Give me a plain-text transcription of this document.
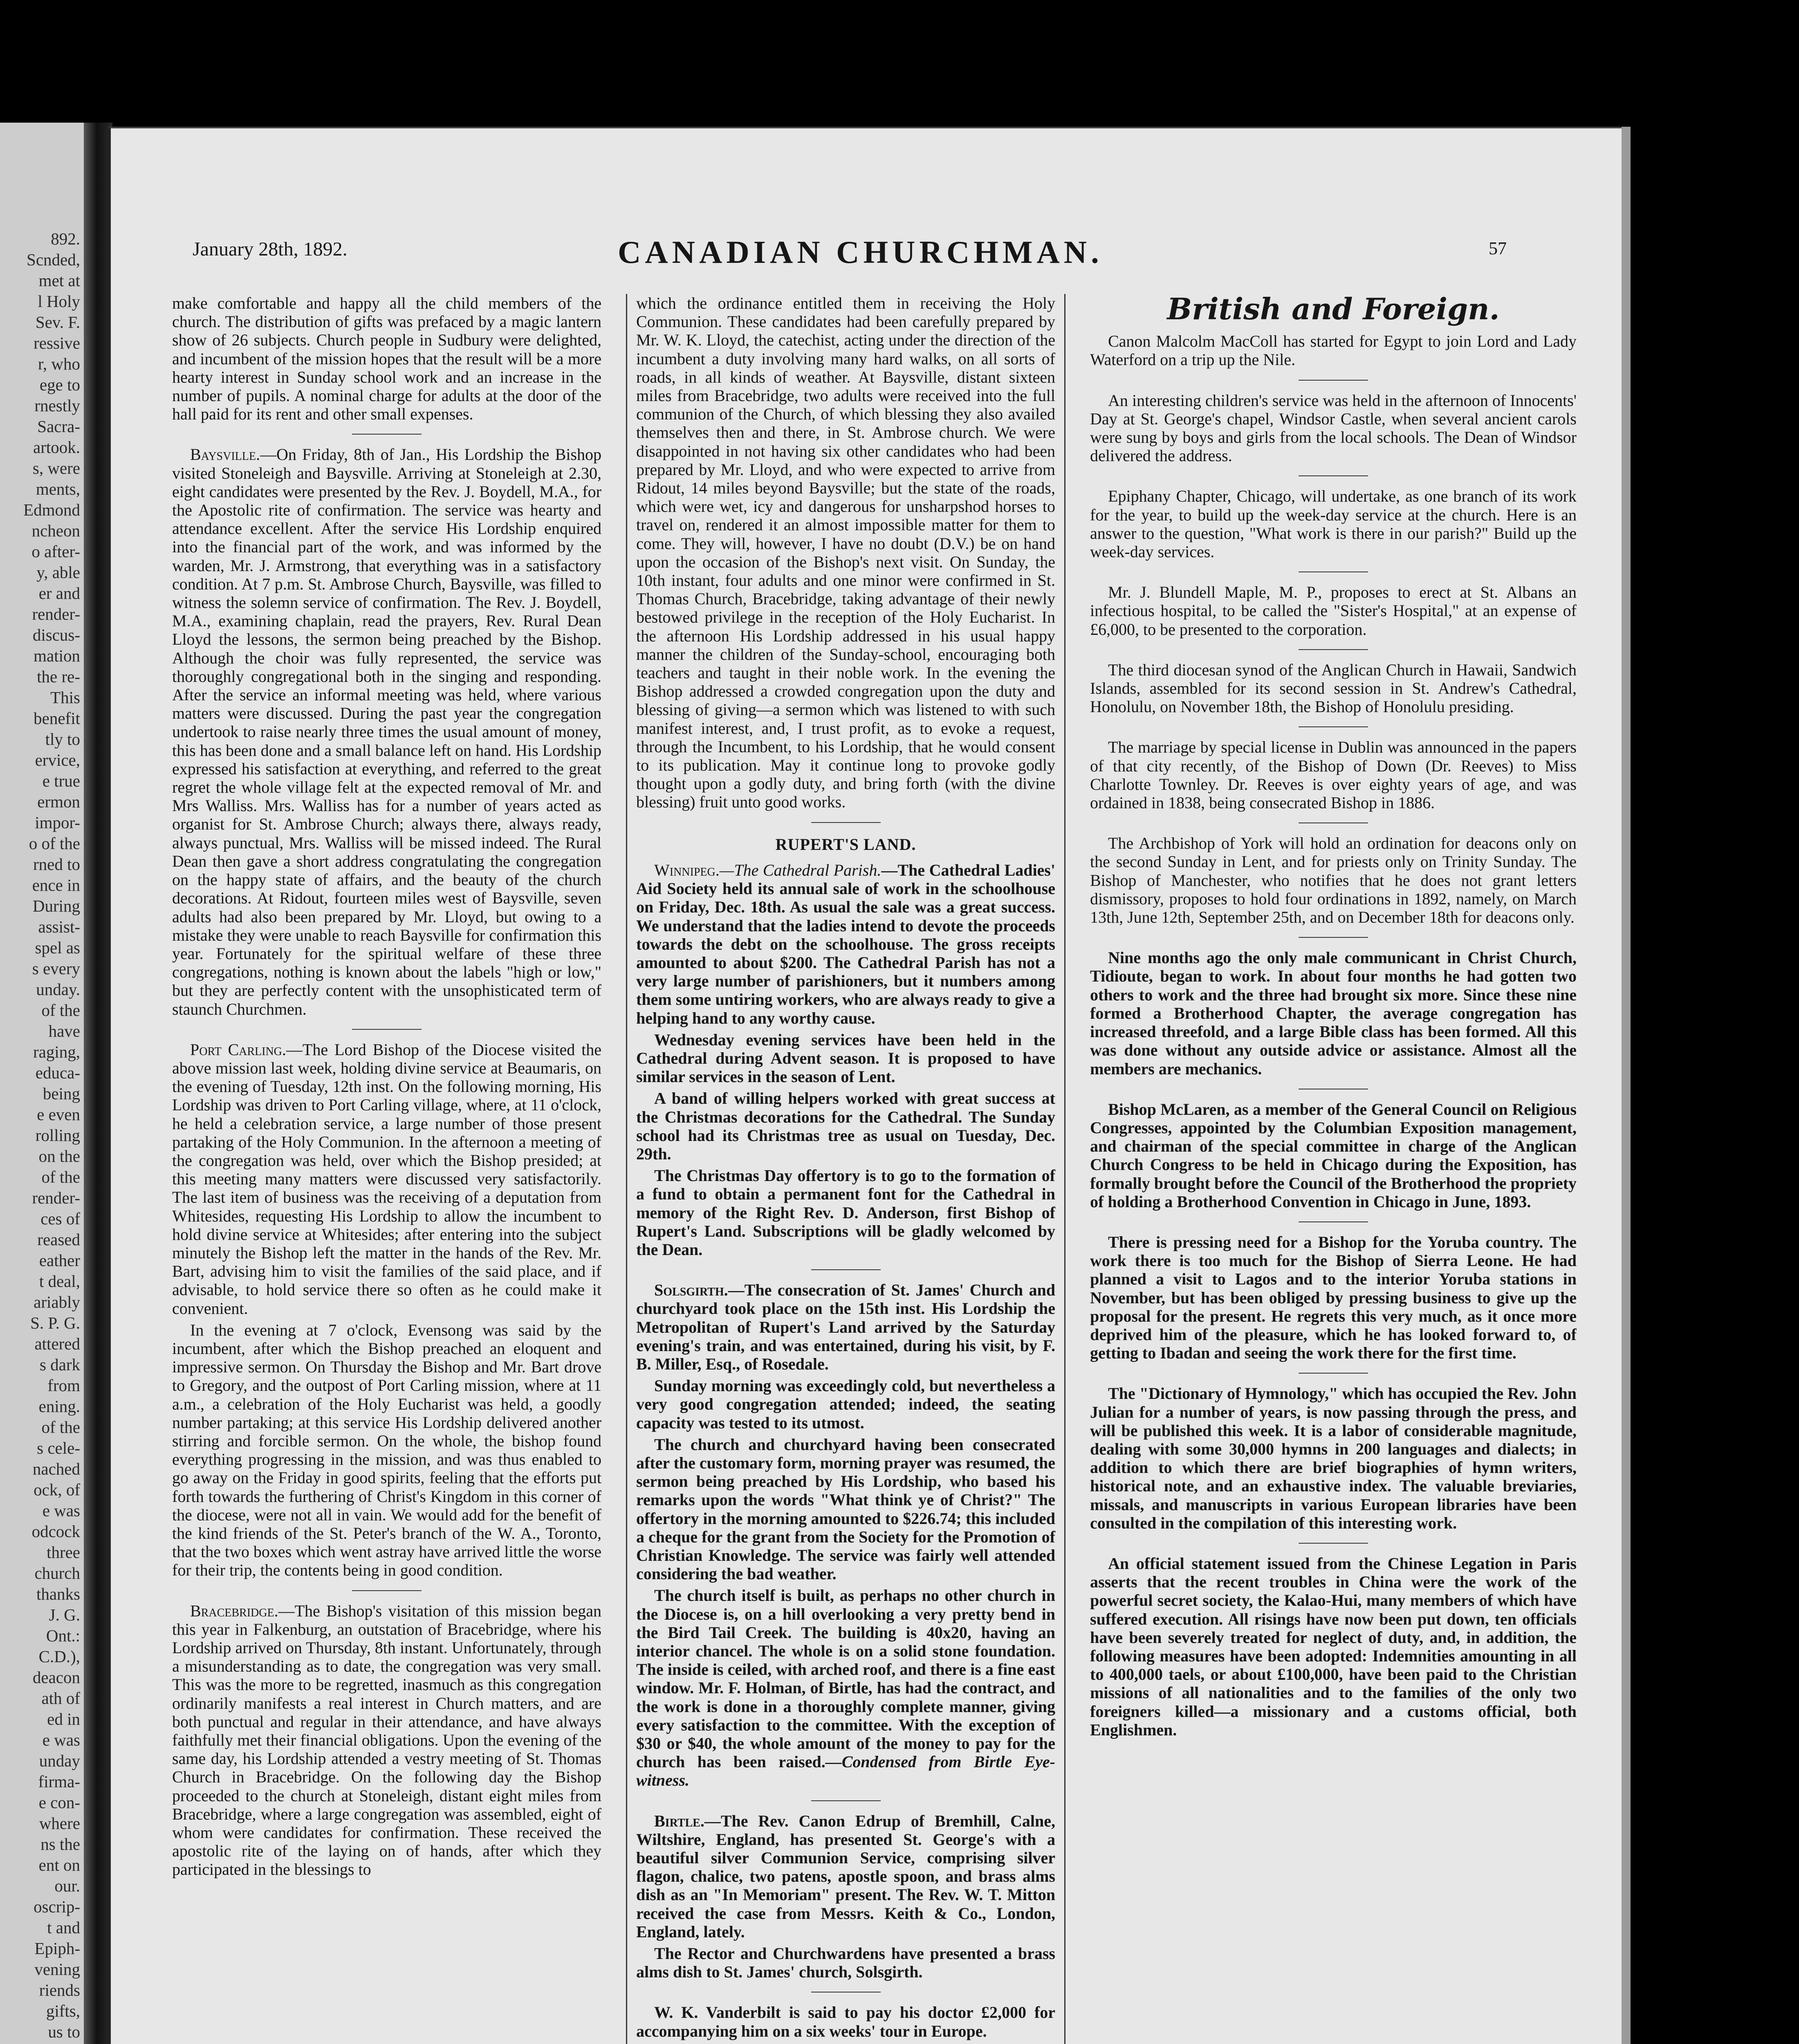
892.
Scnded,
met at
l Holy
Sev. F.
ressive
r, who
ege to
rnestly
Sacra-
artook.
s, were
ments,
Edmond
ncheon
o after-
y, able
er and
render-
discus-
mation
the re-
This
benefit
tly to
ervice,
e true
ermon
impor-
o of the
rned to
ence in
During
assist-
spel as
s every
unday.
of the
have
raging,
educa-
being
e even
rolling
on the
of the
render-
ces of
reased
eather
t deal,
ariably
S. P. G.
attered
s dark
from
ening.
of the
s cele-
nached
ock, of
e was
odcock
three
church
thanks
J. G.
Ont.:
C.D.),
deacon
ath of
ed in
e was
unday
firma-
e con-
where
ns the
ent on
our.
oscrip-
t and
Epiph-
vening
riends
gifts,
us to
January 28th, 1892.	CANADIAN CHURCHMAN.	57

make comfortable and happy all the child members of the church. The distribution of gifts was prefaced by a magic lantern show of 26 subjects. Church people in Sudbury were delighted, and incumbent of the mission hopes that the result will be a more hearty interest in Sunday school work and an increase in the number of pupils. A nominal charge for adults at the door of the hall paid for its rent and other small expenses.

Baysville.—On Friday, 8th of Jan., His Lordship the Bishop visited Stoneleigh and Baysville. Arriving at Stoneleigh at 2.30, eight candidates were presented by the Rev. J. Boydell, M.A., for the Apostolic rite of confirmation. The service was hearty and attendance excellent. After the service His Lordship enquired into the financial part of the work, and was informed by the warden, Mr. J. Armstrong, that everything was in a satisfactory condition. At 7 p.m. St. Ambrose Church, Baysville, was filled to witness the solemn service of confirmation. The Rev. J. Boydell, M.A., examining chaplain, read the prayers, Rev. Rural Dean Lloyd the lessons, the sermon being preached by the Bishop. Although the choir was fully represented, the service was thoroughly congregational both in the singing and responding. After the service an informal meeting was held, where various matters were discussed. During the past year the congregation undertook to raise nearly three times the usual amount of money, this has been done and a small balance left on hand. His Lordship expressed his satisfaction at everything, and referred to the great regret the whole village felt at the expected removal of Mr. and Mrs Walliss. Mrs. Walliss has for a number of years acted as organist for St. Ambrose Church; always there, always ready, always punctual, Mrs. Walliss will be missed indeed. The Rural Dean then gave a short address congratulating the congregation on the happy state of affairs, and the beauty of the church decorations. At Ridout, fourteen miles west of Baysville, seven adults had also been prepared by Mr. Lloyd, but owing to a mistake they were unable to reach Baysville for confirmation this year. Fortunately for the spiritual welfare of these three congregations, nothing is known about the labels "high or low," but they are perfectly content with the unsophisticated term of staunch Churchmen.

Port Carling.—The Lord Bishop of the Diocese visited the above mission last week, holding divine service at Beaumaris, on the evening of Tuesday, 12th inst. On the following morning, His Lordship was driven to Port Carling village, where, at 11 o'clock, he held a celebration service, a large number of those present partaking of the Holy Communion. In the afternoon a meeting of the congregation was held, over which the Bishop presided; at this meeting many matters were discussed very satisfactorily. The last item of business was the receiving of a deputation from Whitesides, requesting His Lordship to allow the incumbent to hold divine service at Whitesides; after entering into the subject minutely the Bishop left the matter in the hands of the Rev. Mr. Bart, advising him to visit the families of the said place, and if advisable, to hold service there so often as he could make it convenient.

In the evening at 7 o'clock, Evensong was said by the incumbent, after which the Bishop preached an eloquent and impressive sermon. On Thursday the Bishop and Mr. Bart drove to Gregory, and the outpost of Port Carling mission, where at 11 a.m., a celebration of the Holy Eucharist was held, a goodly number partaking; at this service His Lordship delivered another stirring and forcible sermon. On the whole, the bishop found everything progressing in the mission, and was thus enabled to go away on the Friday in good spirits, feeling that the efforts put forth towards the furthering of Christ's Kingdom in this corner of the diocese, were not all in vain. We would add for the benefit of the kind friends of the St. Peter's branch of the W. A., Toronto, that the two boxes which went astray have arrived little the worse for their trip, the contents being in good condition.

Bracebridge.—The Bishop's visitation of this mission began this year in Falkenburg, an outstation of Bracebridge, where his Lordship arrived on Thursday, 8th instant. Unfortunately, through a misunderstanding as to date, the congregation was very small. This was the more to be regretted, inasmuch as this congregation ordinarily manifests a real interest in Church matters, and are both punctual and regular in their attendance, and have always faithfully met their financial obligations. Upon the evening of the same day, his Lordship attended a vestry meeting of St. Thomas Church in Bracebridge. On the following day the Bishop proceeded to the church at Stoneleigh, distant eight miles from Bracebridge, where a large congregation was assembled, eight of whom were candidates for confirmation. These received the apostolic rite of the laying on of hands, after which they participated in the blessings to

which the ordinance entitled them in receiving the Holy Communion. These candidates had been carefully prepared by Mr. W. K. Lloyd, the catechist, acting under the direction of the incumbent a duty involving many hard walks, on all sorts of roads, in all kinds of weather. At Baysville, distant sixteen miles from Bracebridge, two adults were received into the full communion of the Church, of which blessing they also availed themselves then and there, in St. Ambrose church. We were disappointed in not having six other candidates who had been prepared by Mr. Lloyd, and who were expected to arrive from Ridout, 14 miles beyond Baysville; but the state of the roads, which were wet, icy and dangerous for unsharpshod horses to travel on, rendered it an almost impossible matter for them to come. They will, however, I have no doubt (D.V.) be on hand upon the occasion of the Bishop's next visit. On Sunday, the 10th instant, four adults and one minor were confirmed in St. Thomas Church, Bracebridge, taking advantage of their newly bestowed privilege in the reception of the Holy Eucharist. In the afternoon His Lordship addressed in his usual happy manner the children of the Sunday-school, encouraging both teachers and taught in their noble work. In the evening the Bishop addressed a crowded congregation upon the duty and blessing of giving—a sermon which was listened to with such manifest interest, and, I trust profit, as to evoke a request, through the Incumbent, to his Lordship, that he would consent to its publication. May it continue long to provoke godly thought upon a godly duty, and bring forth (with the divine blessing) fruit unto good works.

RUPERT'S LAND.

Winnipeg.—The Cathedral Parish.—The Cathedral Ladies' Aid Society held its annual sale of work in the schoolhouse on Friday, Dec. 18th. As usual the sale was a great success. We understand that the ladies intend to devote the proceeds towards the debt on the schoolhouse. The gross receipts amounted to about $200. The Cathedral Parish has not a very large number of parishioners, but it numbers among them some untiring workers, who are always ready to give a helping hand to any worthy cause.

Wednesday evening services have been held in the Cathedral during Advent season. It is proposed to have similar services in the season of Lent.

A band of willing helpers worked with great success at the Christmas decorations for the Cathedral. The Sunday school had its Christmas tree as usual on Tuesday, Dec. 29th.

The Christmas Day offertory is to go to the formation of a fund to obtain a permanent font for the Cathedral in memory of the Right Rev. D. Anderson, first Bishop of Rupert's Land. Subscriptions will be gladly welcomed by the Dean.

Solsgirth.—The consecration of St. James' Church and churchyard took place on the 15th inst. His Lordship the Metropolitan of Rupert's Land arrived by the Saturday evening's train, and was entertained, during his visit, by F. B. Miller, Esq., of Rosedale.

Sunday morning was exceedingly cold, but nevertheless a very good congregation attended; indeed, the seating capacity was tested to its utmost.

The church and churchyard having been consecrated after the customary form, morning prayer was resumed, the sermon being preached by His Lordship, who based his remarks upon the words "What think ye of Christ?" The offertory in the morning amounted to $226.74; this included a cheque for the grant from the Society for the Promotion of Christian Knowledge. The service was fairly well attended considering the bad weather.

The church itself is built, as perhaps no other church in the Diocese is, on a hill overlooking a very pretty bend in the Bird Tail Creek. The building is 40x20, having an interior chancel. The whole is on a solid stone foundation. The inside is ceiled, with arched roof, and there is a fine east window. Mr. F. Holman, of Birtle, has had the contract, and the work is done in a thoroughly complete manner, giving every satisfaction to the committee. With the exception of $30 or $40, the whole amount of the money to pay for the church has been raised.—Condensed from Birtle Eye-witness.

Birtle.—The Rev. Canon Edrup of Bremhill, Calne, Wiltshire, England, has presented St. George's with a beautiful silver Communion Service, comprising silver flagon, chalice, two patens, apostle spoon, and brass alms dish as an "In Memoriam" present. The Rev. W. T. Mitton received the case from Messrs. Keith & Co., London, England, lately.

The Rector and Churchwardens have presented a brass alms dish to St. James' church, Solsgirth.

W. K. Vanderbilt is said to pay his doctor £2,000 for accompanying him on a six weeks' tour in Europe.

British and Foreign.

Canon Malcolm MacColl has started for Egypt to join Lord and Lady Waterford on a trip up the Nile.

An interesting children's service was held in the afternoon of Innocents' Day at St. George's chapel, Windsor Castle, when several ancient carols were sung by boys and girls from the local schools. The Dean of Windsor delivered the address.

Epiphany Chapter, Chicago, will undertake, as one branch of its work for the year, to build up the week-day service at the church. Here is an answer to the question, "What work is there in our parish?" Build up the week-day services.

Mr. J. Blundell Maple, M. P., proposes to erect at St. Albans an infectious hospital, to be called the "Sister's Hospital," at an expense of £6,000, to be presented to the corporation.

The third diocesan synod of the Anglican Church in Hawaii, Sandwich Islands, assembled for its second session in St. Andrew's Cathedral, Honolulu, on November 18th, the Bishop of Honolulu presiding.

The marriage by special license in Dublin was announced in the papers of that city recently, of the Bishop of Down (Dr. Reeves) to Miss Charlotte Townley. Dr. Reeves is over eighty years of age, and was ordained in 1838, being consecrated Bishop in 1886.

The Archbishop of York will hold an ordination for deacons only on the second Sunday in Lent, and for priests only on Trinity Sunday. The Bishop of Manchester, who notifies that he does not grant letters dismissory, proposes to hold four ordinations in 1892, namely, on March 13th, June 12th, September 25th, and on December 18th for deacons only.

Nine months ago the only male communicant in Christ Church, Tidioute, began to work. In about four months he had gotten two others to work and the three had brought six more. Since these nine formed a Brotherhood Chapter, the average congregation has increased threefold, and a large Bible class has been formed. All this was done without any outside advice or assistance. Almost all the members are mechanics.

Bishop McLaren, as a member of the General Council on Religious Congresses, appointed by the Columbian Exposition management, and chairman of the special committee in charge of the Anglican Church Congress to be held in Chicago during the Exposition, has formally brought before the Council of the Brotherhood the propriety of holding a Brotherhood Convention in Chicago in June, 1893.

There is pressing need for a Bishop for the Yoruba country. The work there is too much for the Bishop of Sierra Leone. He had planned a visit to Lagos and to the interior Yoruba stations in November, but has been obliged by pressing business to give up the proposal for the present. He regrets this very much, as it once more deprived him of the pleasure, which he has looked forward to, of getting to Ibadan and seeing the work there for the first time.

The "Dictionary of Hymnology," which has occupied the Rev. John Julian for a number of years, is now passing through the press, and will be published this week. It is a labor of considerable magnitude, dealing with some 30,000 hymns in 200 languages and dialects; in addition to which there are brief biographies of hymn writers, historical note, and an exhaustive index. The valuable breviaries, missals, and manuscripts in various European libraries have been consulted in the compilation of this interesting work.

An official statement issued from the Chinese Legation in Paris asserts that the recent troubles in China were the work of the powerful secret society, the Kalao-Hui, many members of which have suffered execution. All risings have now been put down, ten officials have been severely treated for neglect of duty, and, in addition, the following measures have been adopted: Indemnities amounting in all to 400,000 taels, or about £100,000, have been paid to the Christian missions of all nationalities and to the families of the only two foreigners killed—a missionary and a customs official, both Englishmen.
